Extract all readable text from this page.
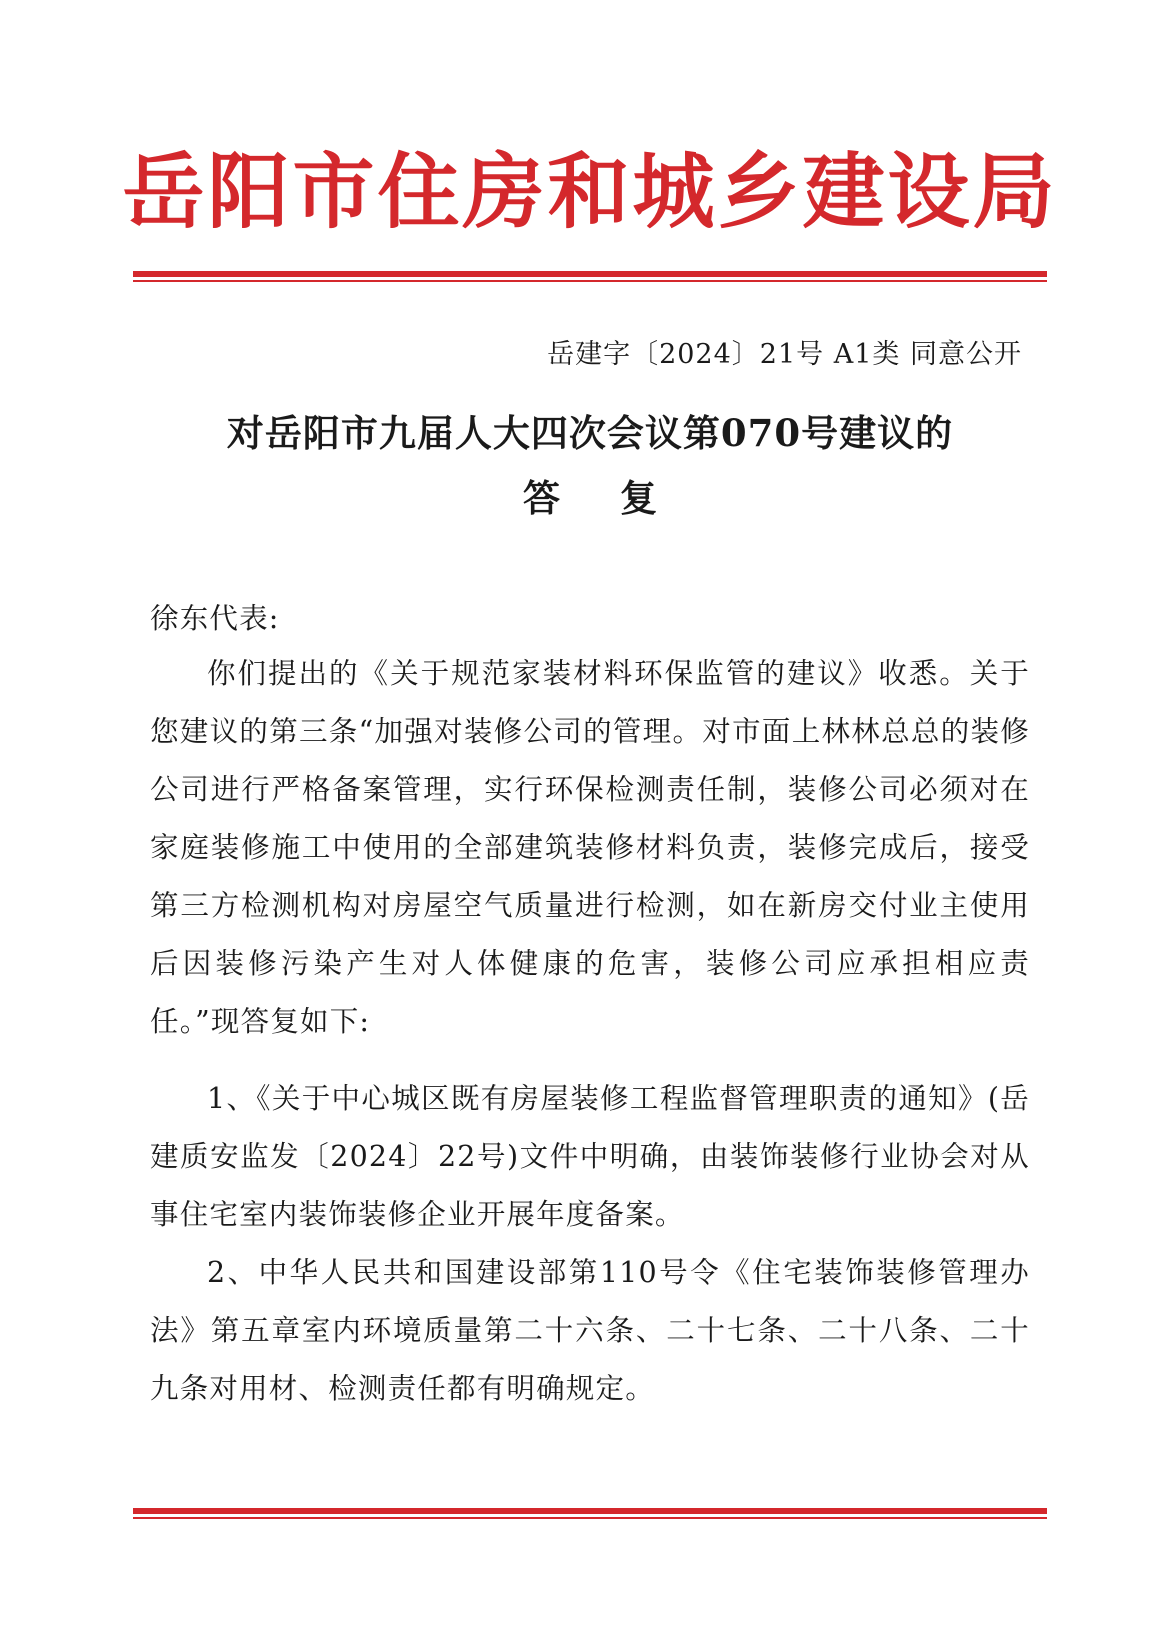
岳阳市住房和城乡建设局
岳建字〔2024〕21号 A1类 同意公开
对岳阳市九届人大四次会议第070号建议的
答复
徐东代表:
你们提出的《关于规范家装材料环保监管的建议》收悉。关于您建议的第三条“加强对装修公司的管理。对市面上林林总总的装修公司进行严格备案管理，实行环保检测责任制，装修公司必须对在家庭装修施工中使用的全部建筑装修材料负责，装修完成后，接受第三方检测机构对房屋空气质量进行检测，如在新房交付业主使用后因装修污染产生对人体健康的危害，装修公司应承担相应责任。”现答复如下:
1、《关于中心城区既有房屋装修工程监督管理职责的通知》(岳建质安监发〔2024〕22号)文件中明确，由装饰装修行业协会对从事住宅室内装饰装修企业开展年度备案。
2、中华人民共和国建设部第110号令《住宅装饰装修管理办法》第五章室内环境质量第二十六条、二十七条、二十八条、二十九条对用材、检测责任都有明确规定。
